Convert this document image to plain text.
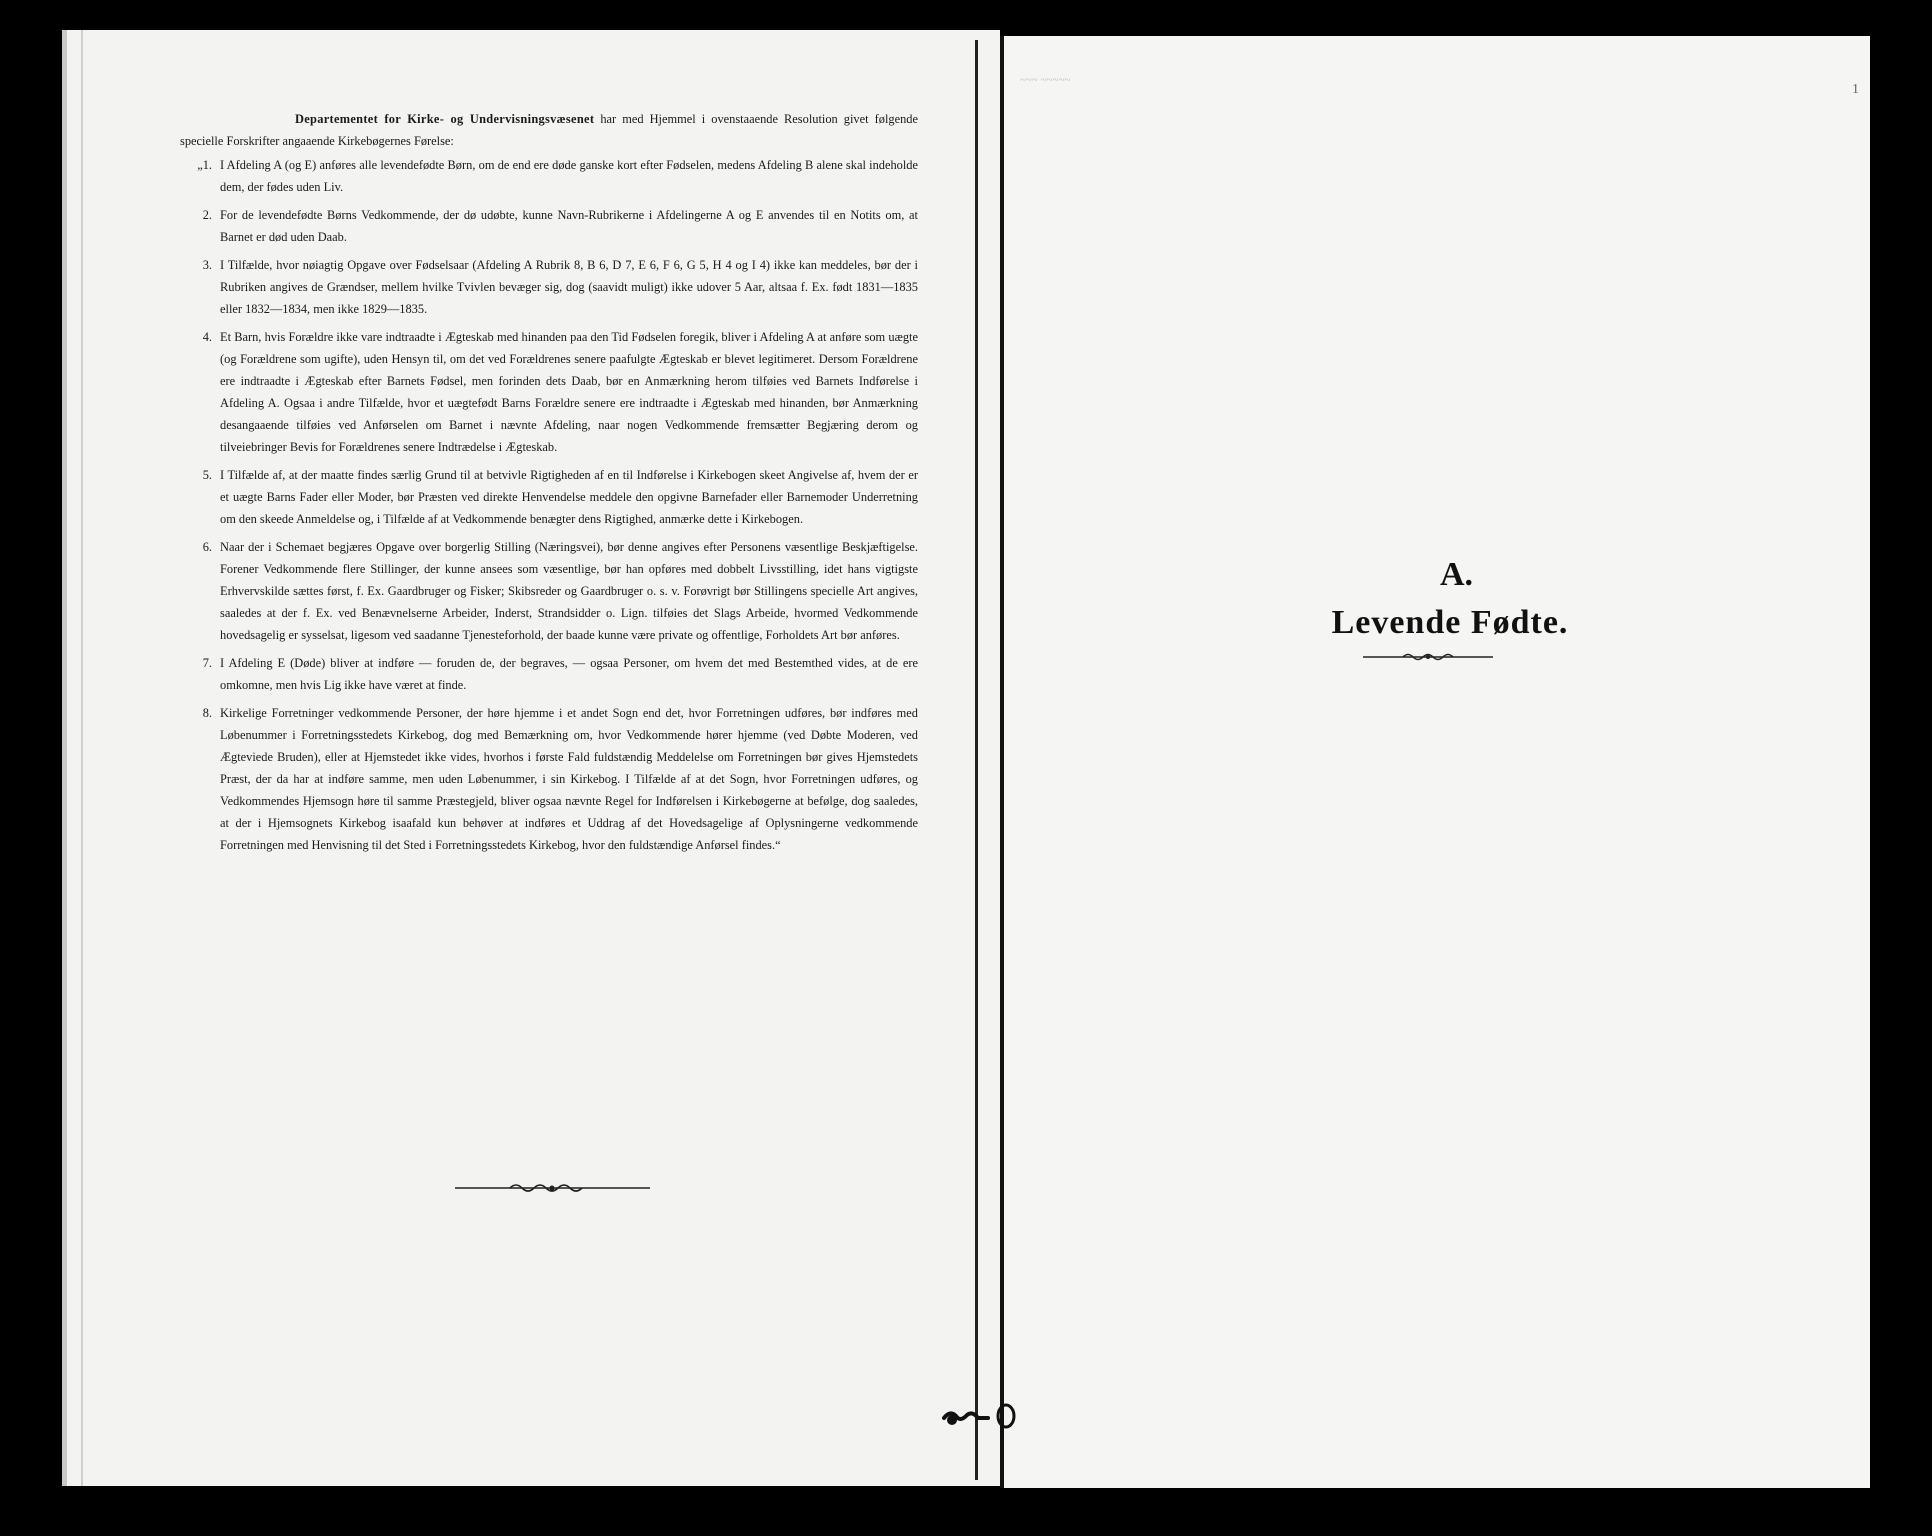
~~~ ~~~~~

Departementet for Kirke- og Undervisningsvæsenet har med Hjemmel i ovenstaaende Resolution givet følgende specielle Forskrifter angaaende Kirkebøgernes Førelse:

„1. I Afdeling A (og E) anføres alle levendefødte Børn, om de end ere døde ganske kort efter Fødselen, medens Afdeling B alene skal indeholde dem, der fødes uden Liv.
2. For de levendefødte Børns Vedkommende, der dø udøbte, kunne Navn-Rubrikerne i Afdelingerne A og E anvendes til en Notits om, at Barnet er død uden Daab.
3. I Tilfælde, hvor nøiagtig Opgave over Fødselsaar (Afdeling A Rubrik 8, B 6, D 7, E 6, F 6, G 5, H 4 og I 4) ikke kan meddeles, bør der i Rubriken angives de Grændser, mellem hvilke Tvivlen bevæger sig, dog (saavidt muligt) ikke udover 5 Aar, altsaa f. Ex. født 1831—1835 eller 1832—1834, men ikke 1829—1835.
4. Et Barn, hvis Forældre ikke vare indtraadte i Ægteskab med hinanden paa den Tid Fødselen foregik, bliver i Afdeling A at anføre som uægte (og Forældrene som ugifte), uden Hensyn til, om det ved Forældrenes senere paafulgte Ægteskab er blevet legitimeret. Dersom Forældrene ere indtraadte i Ægteskab efter Barnets Fødsel, men forinden dets Daab, bør en Anmærkning herom tilføies ved Barnets Indførelse i Afdeling A. Ogsaa i andre Tilfælde, hvor et uægtefødt Barns Forældre senere ere indtraadte i Ægteskab med hinanden, bør Anmærkning desangaaende tilføies ved Anførselen om Barnet i nævnte Afdeling, naar nogen Vedkommende fremsætter Begjæring derom og tilveiebringer Bevis for Forældrenes senere Indtrædelse i Ægteskab.
5. I Tilfælde af, at der maatte findes særlig Grund til at betvivle Rigtigheden af en til Indførelse i Kirkebogen skeet Angivelse af, hvem der er et uægte Barns Fader eller Moder, bør Præsten ved direkte Henvendelse meddele den opgivne Barnefader eller Barnemoder Underretning om den skeede Anmeldelse og, i Tilfælde af at Vedkommende benægter dens Rigtighed, anmærke dette i Kirkebogen.
6. Naar der i Schemaet begjæres Opgave over borgerlig Stilling (Næringsvei), bør denne angives efter Personens væsentlige Beskjæftigelse. Forener Vedkommende flere Stillinger, der kunne ansees som væsentlige, bør han opføres med dobbelt Livsstilling, idet hans vigtigste Erhvervskilde sættes først, f. Ex. Gaardbruger og Fisker; Skibsreder og Gaardbruger o. s. v. Forøvrigt bør Stillingens specielle Art angives, saaledes at der f. Ex. ved Benævnelserne Arbeider, Inderst, Strandsidder o. Lign. tilføies det Slags Arbeide, hvormed Vedkommende hovedsagelig er sysselsat, ligesom ved saadanne Tjenesteforhold, der baade kunne være private og offentlige, Forholdets Art bør anføres.
7. I Afdeling E (Døde) bliver at indføre — foruden de, der begraves, — ogsaa Personer, om hvem det med Bestemthed vides, at de ere omkomne, men hvis Lig ikke have været at finde.
8. Kirkelige Forretninger vedkommende Personer, der høre hjemme i et andet Sogn end det, hvor Forretningen udføres, bør indføres med Løbenummer i Forretningsstedets Kirkebog, dog med Bemærkning om, hvor Vedkommende hører hjemme (ved Døbte Moderen, ved Ægteviede Bruden), eller at Hjemstedet ikke vides, hvorhos i første Fald fuldstændig Meddelelse om Forretningen bør gives Hjemstedets Præst, der da har at indføre samme, men uden Løbenummer, i sin Kirkebog. I Tilfælde af at det Sogn, hvor Forretningen udføres, og Vedkommendes Hjemsogn høre til samme Præstegjeld, bliver ogsaa nævnte Regel for Indførelsen i Kirkebøgerne at befølge, dog saaledes, at der i Hjemsognets Kirkebog isaafald kun behøver at indføres et Uddrag af det Hovedsagelige af Oplysningerne vedkommende Forretningen med Henvisning til det Sted i Forretningsstedets Kirkebog, hvor den fuldstændige Anførsel findes.“
A.
Levende Fødte.
1
